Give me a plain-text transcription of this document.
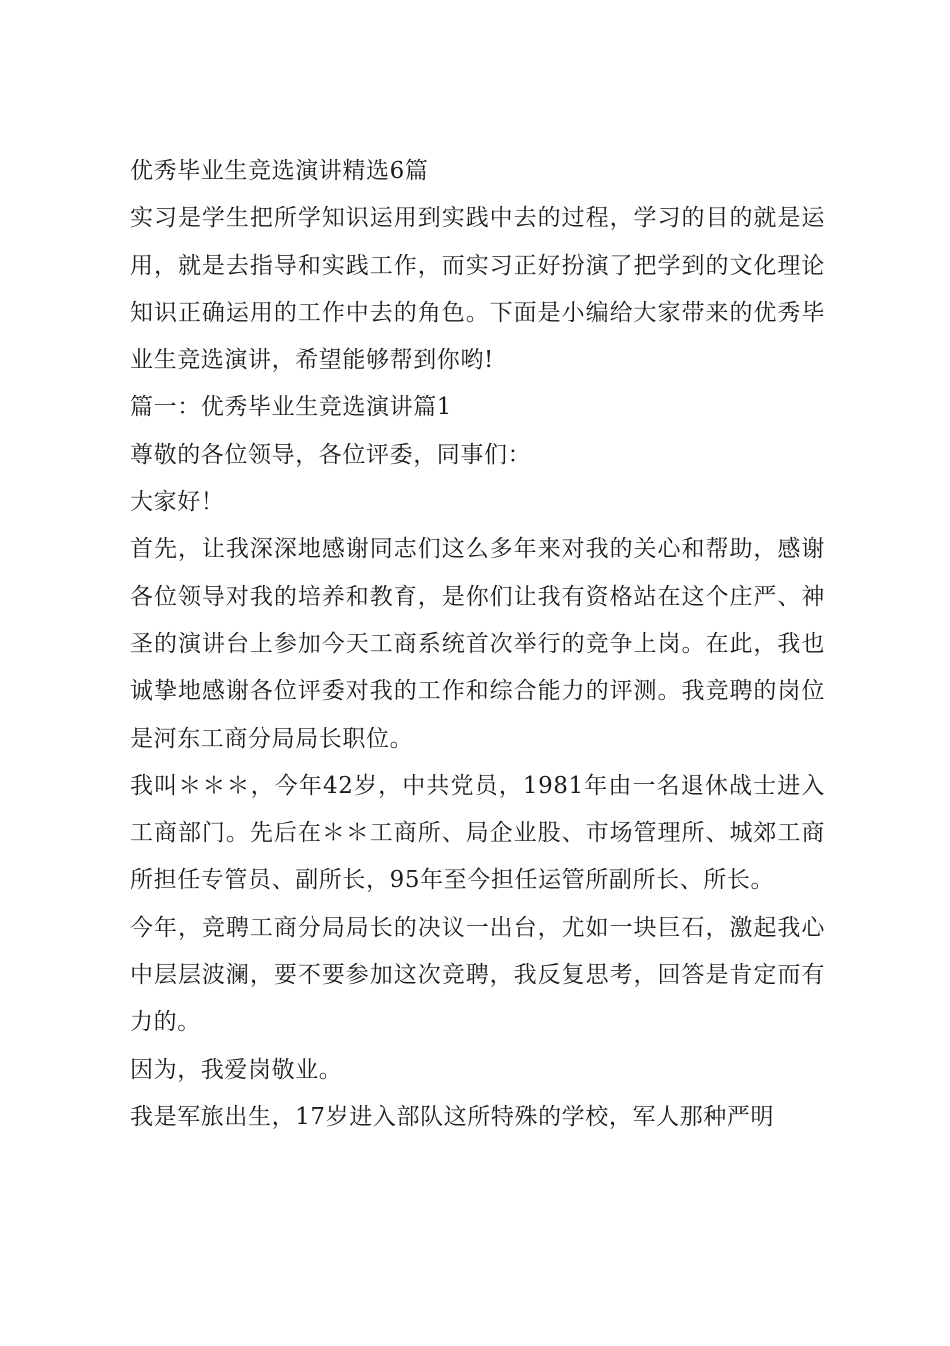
优秀毕业生竞选演讲精选6篇

实习是学生把所学知识运用到实践中去的过程，学习的目的就是运用，就是去指导和实践工作，而实习正好扮演了把学到的文化理论知识正确运用的工作中去的角色。下面是小编给大家带来的优秀毕业生竞选演讲，希望能够帮到你哟!

篇一：优秀毕业生竞选演讲篇1

尊敬的各位领导，各位评委，同事们：

大家好！

首先，让我深深地感谢同志们这么多年来对我的关心和帮助，感谢各位领导对我的培养和教育，是你们让我有资格站在这个庄严、神圣的演讲台上参加今天工商系统首次举行的竞争上岗。在此，我也诚挚地感谢各位评委对我的工作和综合能力的评测。我竞聘的岗位是河东工商分局局长职位。

我叫＊＊＊，今年42岁，中共党员，1981年由一名退休战士进入工商部门。先后在＊＊工商所、局企业股、市场管理所、城郊工商所担任专管员、副所长，95年至今担任运管所副所长、所长。

今年，竞聘工商分局局长的决议一出台，尤如一块巨石，激起我心中层层波澜，要不要参加这次竞聘，我反复思考，回答是肯定而有力的。

因为，我爱岗敬业。

我是军旅出生，17岁进入部队这所特殊的学校，军人那种严明
